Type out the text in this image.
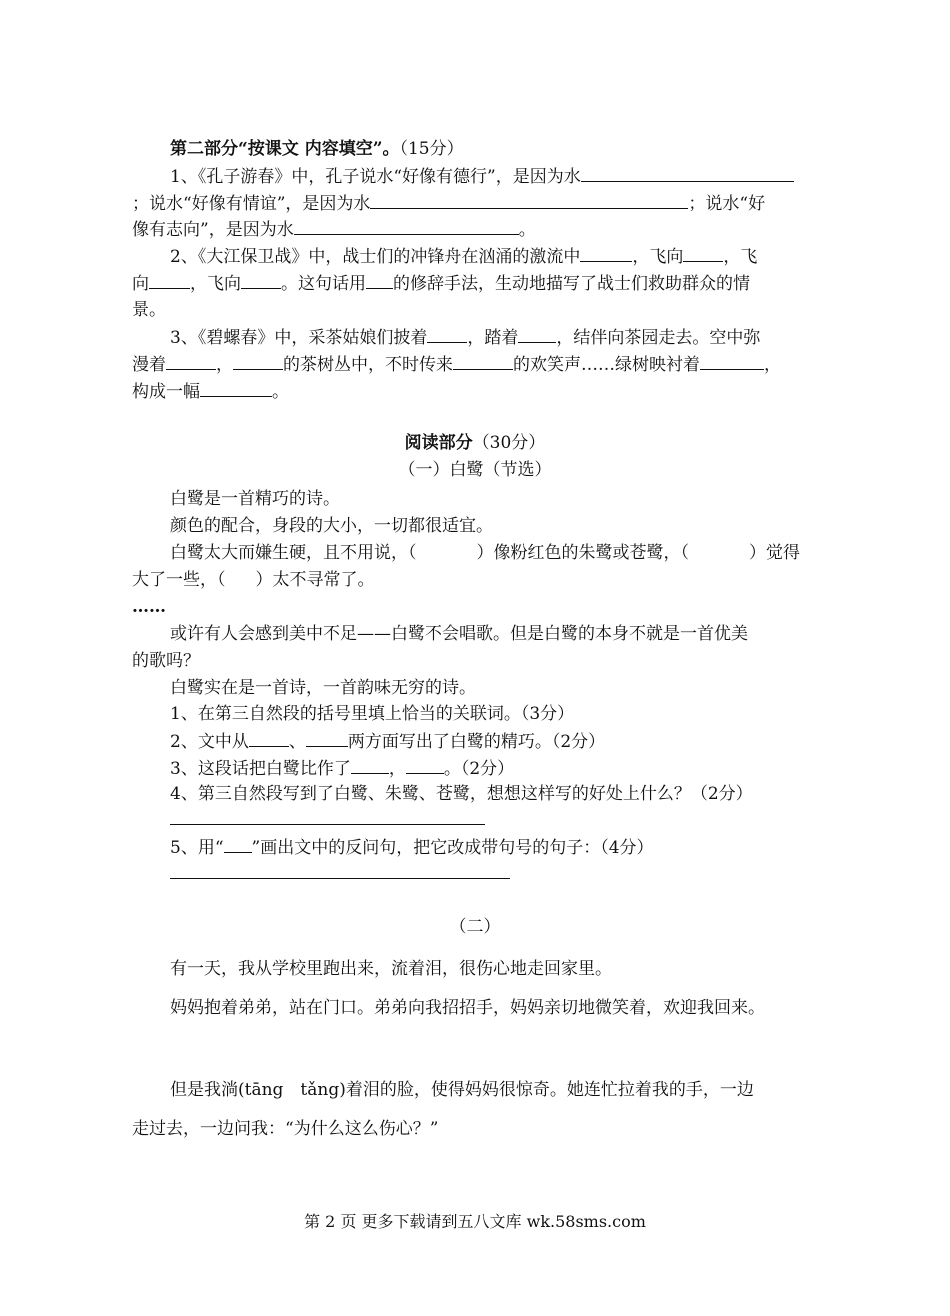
第二部分“按课文 内容填空”。（15分）
1、《孔子游春》中，孔子说水“好像有德行”，是因为水
；说水“好像有情谊”，是因为水	；说水“好
像有志向”，是因为水	。
2、《大江保卫战》中，战士们的冲锋舟在汹涌的激流中	，飞向 ，飞
向 ，飞向 。这句话用 的修辞手法，生动地描写了战士们救助群众的情
景。
3、《碧螺春》中，采茶姑娘们披着 ，踏着 ，结伴向茶园走去。空中弥
漫着	，	的茶树丛中，不时传来	的欢笑声……绿树映衬着	，
构成一幅	。
阅读部分（30分）
（一）白鹭（节选）
白鹭是一首精巧的诗。
颜色的配合，身段的大小，一切都很适宜。
白鹭太大而嫌生硬，且不用说，（	）像粉红色的朱鹭或苍鹭，（	）觉得
大了一些，（ ）太不寻常了。
……
或许有人会感到美中不足——白鹭不会唱歌。但是白鹭的本身不就是一首优美
的歌吗？
白鹭实在是一首诗，一首韵味无穷的诗。
1、在第三自然段的括号里填上恰当的关联词。（3分）
2、文中从 、 两方面写出了白鹭的精巧。（2分）
3、这段话把白鹭比作了 ， 。（2分）
4、第三自然段写到了白鹭、朱鹭、苍鹭，想想这样写的好处上什么？（2分）
5、用“ ”画出文中的反问句，把它改成带句号的句子：（4分）
（二）
有一天，我从学校里跑出来，流着泪，很伤心地走回家里。
妈妈抱着弟弟，站在门口。弟弟向我招招手，妈妈亲切地微笑着，欢迎我回来。
但是我淌(tāng　tǎng)着泪的脸，使得妈妈很惊奇。她连忙拉着我的手，一边
走过去，一边问我：“为什么这么伤心？”
第 2 页 更多下载请到五八文库 wk.58sms.com
